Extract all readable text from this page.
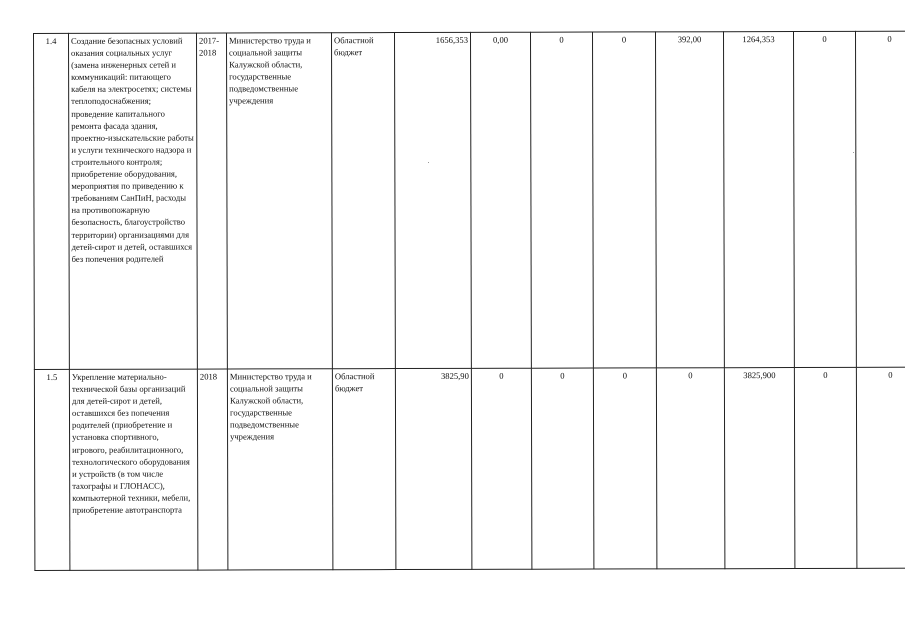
1.4	Создание безопасных условий оказания социальных услуг (замена инженерных сетей и коммуникаций: питающего кабеля на электросетях; системы теплоподоснабжения; проведение капитального ремонта фасада здания, проектно-изыскательские работы и услуги технического надзора и строительного контроля; приобретение оборудования, мероприятия по приведению к требованиям СанПиН, расходы на противопожарную безопасность, благоустройство территории) организациями для детей-сирот и детей, оставшихся без попечения родителей	2017-2018	Министерство труда и социальной защиты Калужской области, государственные подведомственные учреждения	Областной бюджет	1656,353	0,00	0	0	392,00	1264,353	0	0
1.5	Укрепление материально-технической базы организаций для детей-сирот и детей, оставшихся без попечения родителей (приобретение и установка спортивного, игрового, реабилитационного, технологического оборудования и устройств (в том числе тахографы и ГЛОНАСС), компьютерной техники, мебели, приобретение автотранспорта	2018	Министерство труда и социальной защиты Калужской области, государственные подведомственные учреждения	Областной бюджет	3825,90	0	0	0	0	3825,900	0	0
